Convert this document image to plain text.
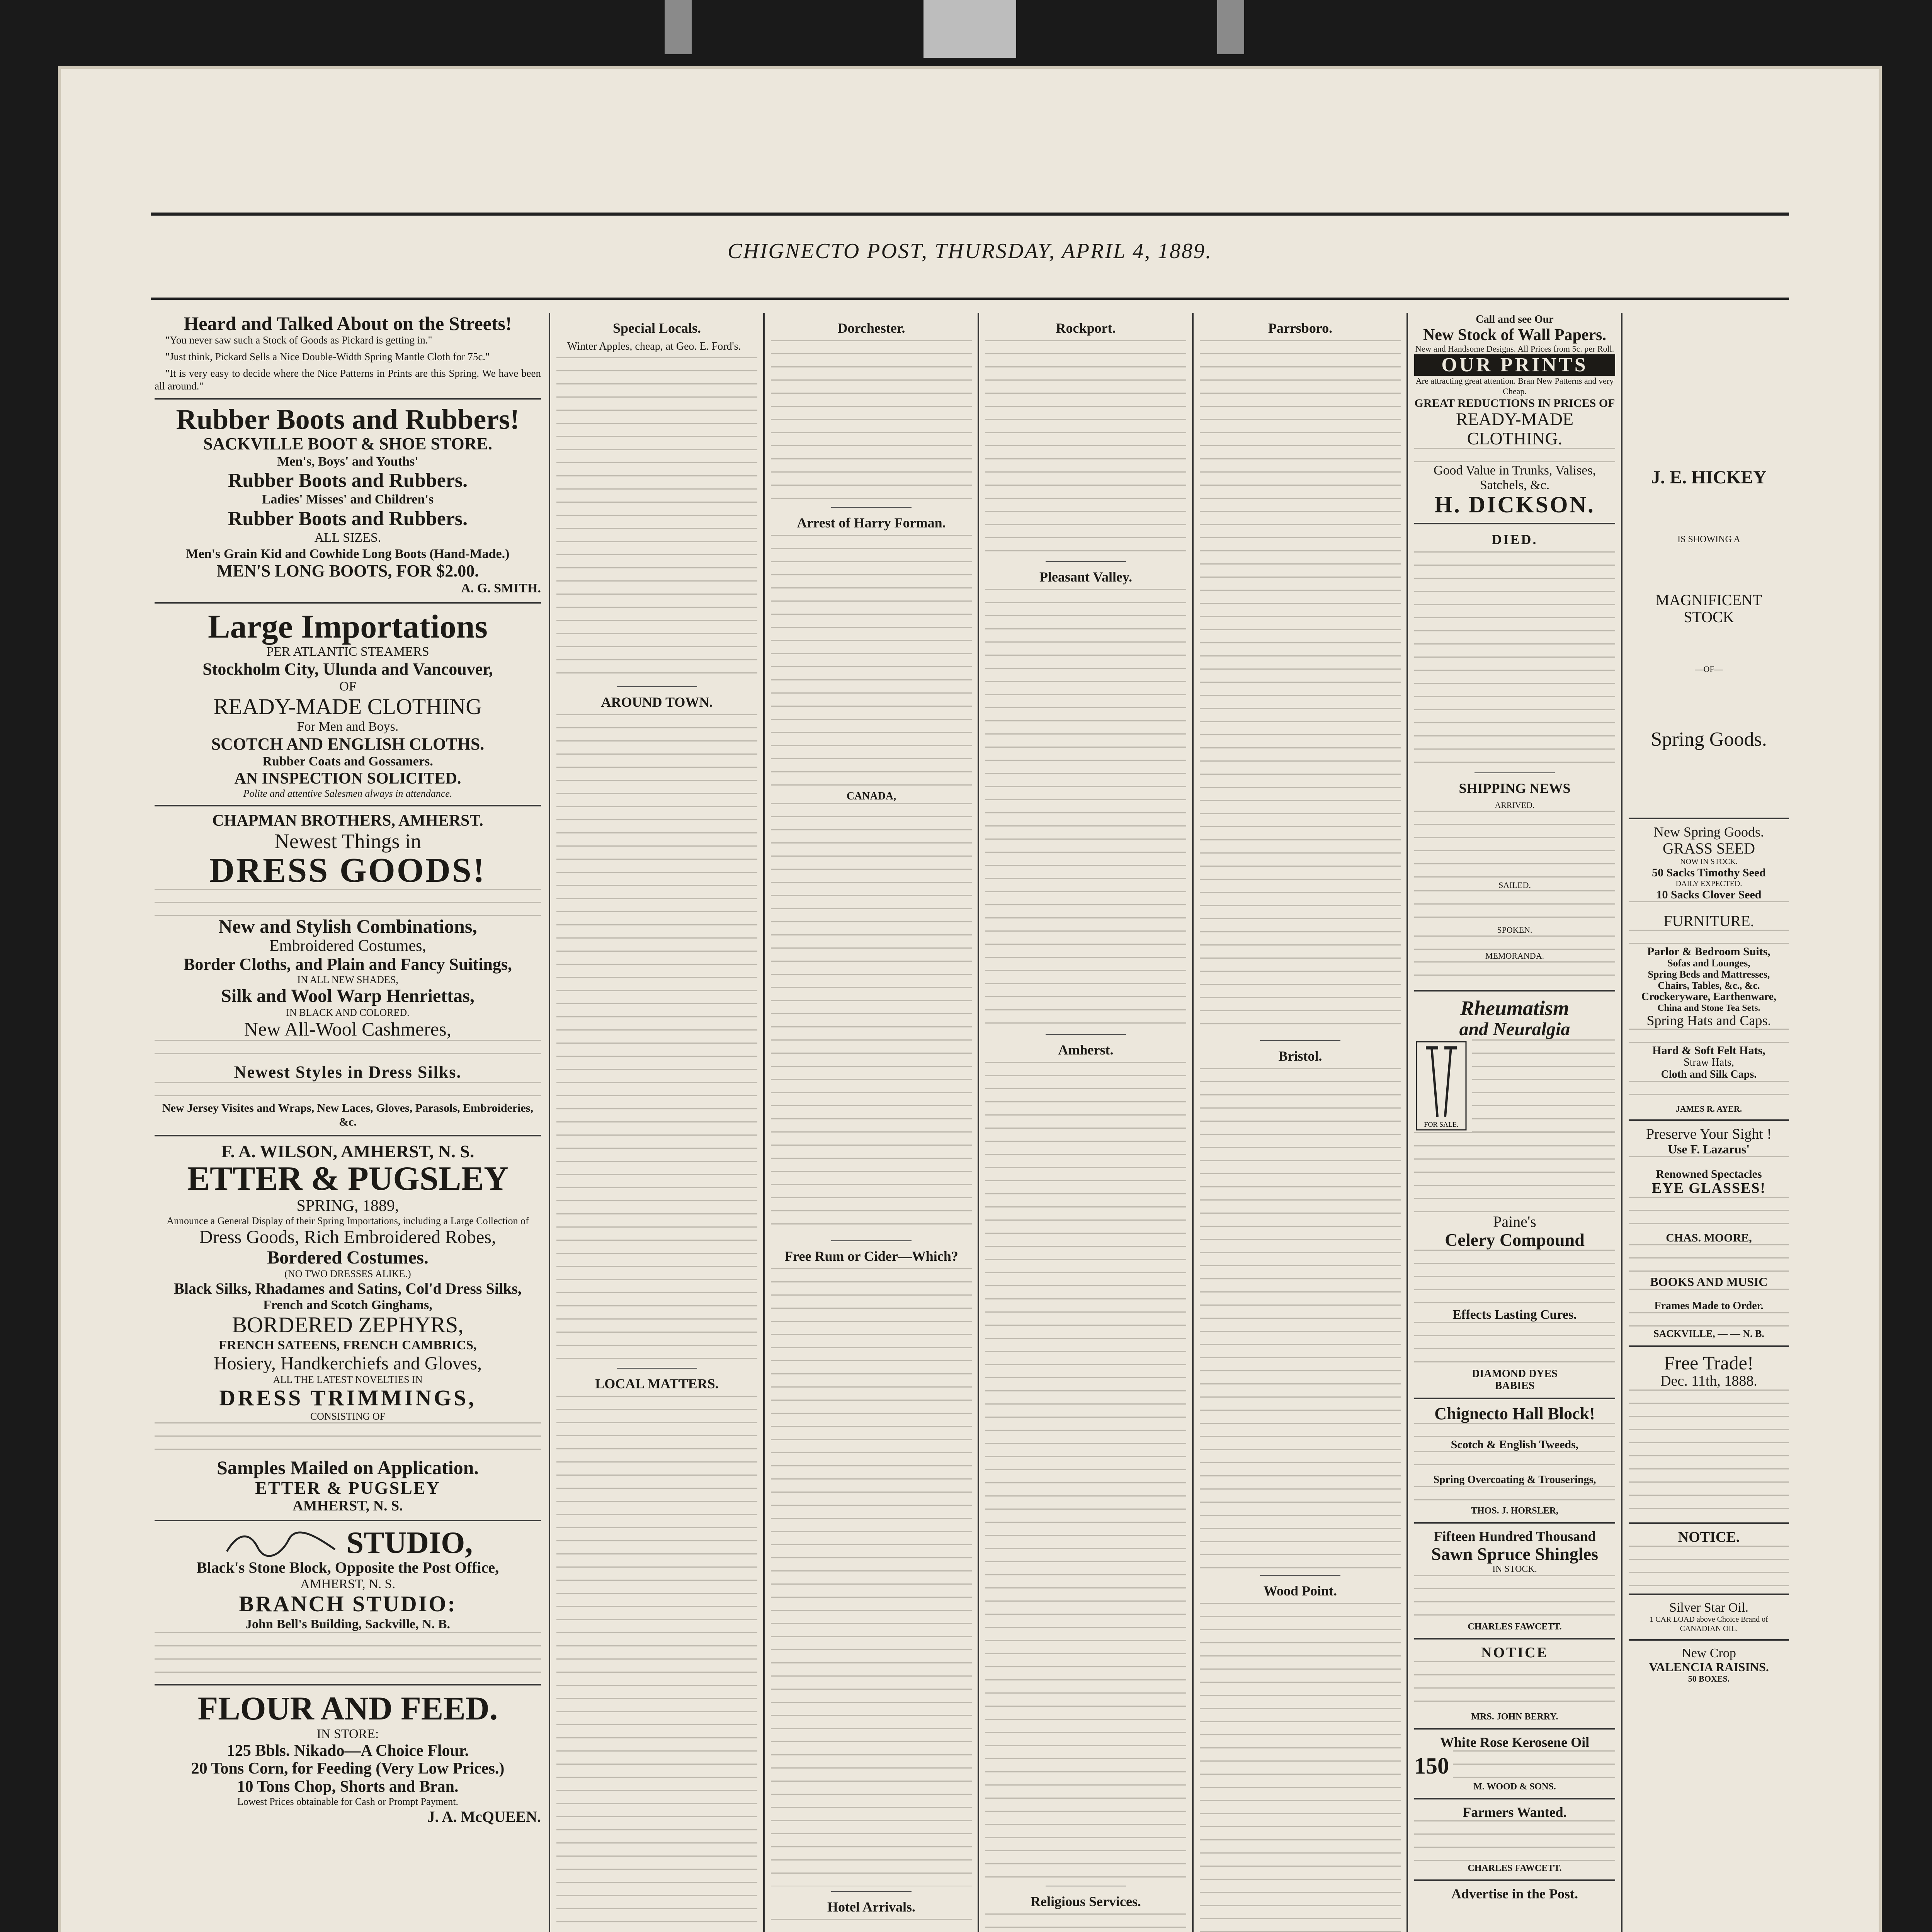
CHIGNECTO POST, THURSDAY, APRIL 4, 1889.
Heard and Talked About on the Streets!

"You never saw such a Stock of Goods as Pickard is getting in."

"Just think, Pickard Sells a Nice Double-Width Spring Mantle Cloth for 75c."

"It is very easy to decide where the Nice Patterns in Prints are this Spring. We have been all around."

Rubber Boots and Rubbers!
SACKVILLE BOOT & SHOE STORE.
Men's, Boys' and Youths'
Rubber Boots and Rubbers.
Ladies' Misses' and Children's
Rubber Boots and Rubbers.
ALL SIZES.
Men's Grain Kid and Cowhide Long Boots (Hand-Made.)
MEN'S LONG BOOTS, FOR $2.00.
A. G. SMITH.
Large Importations
PER ATLANTIC STEAMERS
Stockholm City, Ulunda and Vancouver,
OF
READY-MADE CLOTHING
For Men and Boys.
SCOTCH AND ENGLISH CLOTHS.
Rubber Coats and Gossamers.
AN INSPECTION SOLICITED.
Polite and attentive Salesmen always in attendance.
CHAPMAN BROTHERS, AMHERST.
Newest Things in
DRESS GOODS!
New and Stylish Combinations,
Embroidered Costumes,
Border Cloths, and Plain and Fancy Suitings,
IN ALL NEW SHADES,
Silk and Wool Warp Henriettas,
IN BLACK AND COLORED.
New All-Wool Cashmeres,
Newest Styles in Dress Silks.
New Jersey Visites and Wraps, New Laces, Gloves, Parasols, Embroideries, &c.
F. A. WILSON, AMHERST, N. S.
ETTER & PUGSLEY
SPRING, 1889,
Announce a General Display of their Spring Importations, including a Large Collection of
Dress Goods, Rich Embroidered Robes,
Bordered Costumes.
(NO TWO DRESSES ALIKE.)
Black Silks, Rhadames and Satins, Col'd Dress Silks,
French and Scotch Ginghams,
BORDERED ZEPHYRS,
FRENCH SATEENS, FRENCH CAMBRICS,
Hosiery, Handkerchiefs and Gloves,
ALL THE LATEST NOVELTIES IN
DRESS TRIMMINGS,
CONSISTING OF
Samples Mailed on Application.
ETTER & PUGSLEY
AMHERST, N. S.
STUDIO,
Black's Stone Block, Opposite the Post Office,
AMHERST, N. S.
BRANCH STUDIO:
John Bell's Building, Sackville, N. B.
FLOUR AND FEED.
IN STORE:
125 Bbls. Nikado—A Choice Flour.
20 Tons Corn, for Feeding (Very Low Prices.)
10 Tons Chop, Shorts and Bran.
Lowest Prices obtainable for Cash or Prompt Payment.
J. A. McQUEEN.
Special Locals.

Winter Apples, cheap, at Geo. E. Ford's.

AROUND TOWN.
LOCAL MATTERS.
Dorchester.
Arrest of Harry Forman.
CANADA,
Free Rum or Cider—Which?
Hotel Arrivals.
Rockport.
Pleasant Valley.
Amherst.
Religious Services.
Parrsboro.
Bristol.
Wood Point.
Call and see Our
New Stock of Wall Papers.
New and Handsome Designs. All Prices from 5c. per Roll.
OUR PRINTS
Are attracting great attention. Bran New Patterns and very Cheap.
GREAT REDUCTIONS IN PRICES OF
READY-MADE CLOTHING.
Good Value in Trunks, Valises, Satchels, &c.
H. DICKSON.
DIED.
SHIPPING NEWS
ARRIVED.
SAILED.
SPOKEN.
MEMORANDA.
Rheumatism
and Neuralgia
FOR SALE.
Paine's
Celery Compound
Effects Lasting Cures.
DIAMOND DYES
BABIES
Chignecto Hall Block!
Scotch & English Tweeds,
Spring Overcoating & Trouserings,
THOS. J. HORSLER,
Fifteen Hundred Thousand
Sawn Spruce Shingles
IN STOCK.
CHARLES FAWCETT.
NOTICE
MRS. JOHN BERRY.
White Rose Kerosene Oil
150
M. WOOD & SONS.
Farmers Wanted.
CHARLES FAWCETT.
Advertise in the Post.
J. E. HICKEY
IS SHOWING A
MAGNIFICENT STOCK
—OF—
Spring Goods.
New Spring Goods.
GRASS SEED
NOW IN STOCK.
50 Sacks Timothy Seed
DAILY EXPECTED.
10 Sacks Clover Seed
FURNITURE.
Parlor & Bedroom Suits,
Sofas and Lounges,
Spring Beds and Mattresses,
Chairs, Tables, &c., &c.
Crockeryware, Earthenware,
China and Stone Tea Sets.
Spring Hats and Caps.
Hard & Soft Felt Hats,
Straw Hats,
Cloth and Silk Caps.
JAMES R. AYER.
Preserve Your Sight !
Use F. Lazarus'
Renowned Spectacles
EYE GLASSES!
CHAS. MOORE,
BOOKS AND MUSIC
Frames Made to Order.
SACKVILLE, — — N. B.
Free Trade!
Dec. 11th, 1888.
NOTICE.
Silver Star Oil.
1 CAR LOAD above Choice Brand of CANADIAN OIL.
New Crop
VALENCIA RAISINS.
50 BOXES.
